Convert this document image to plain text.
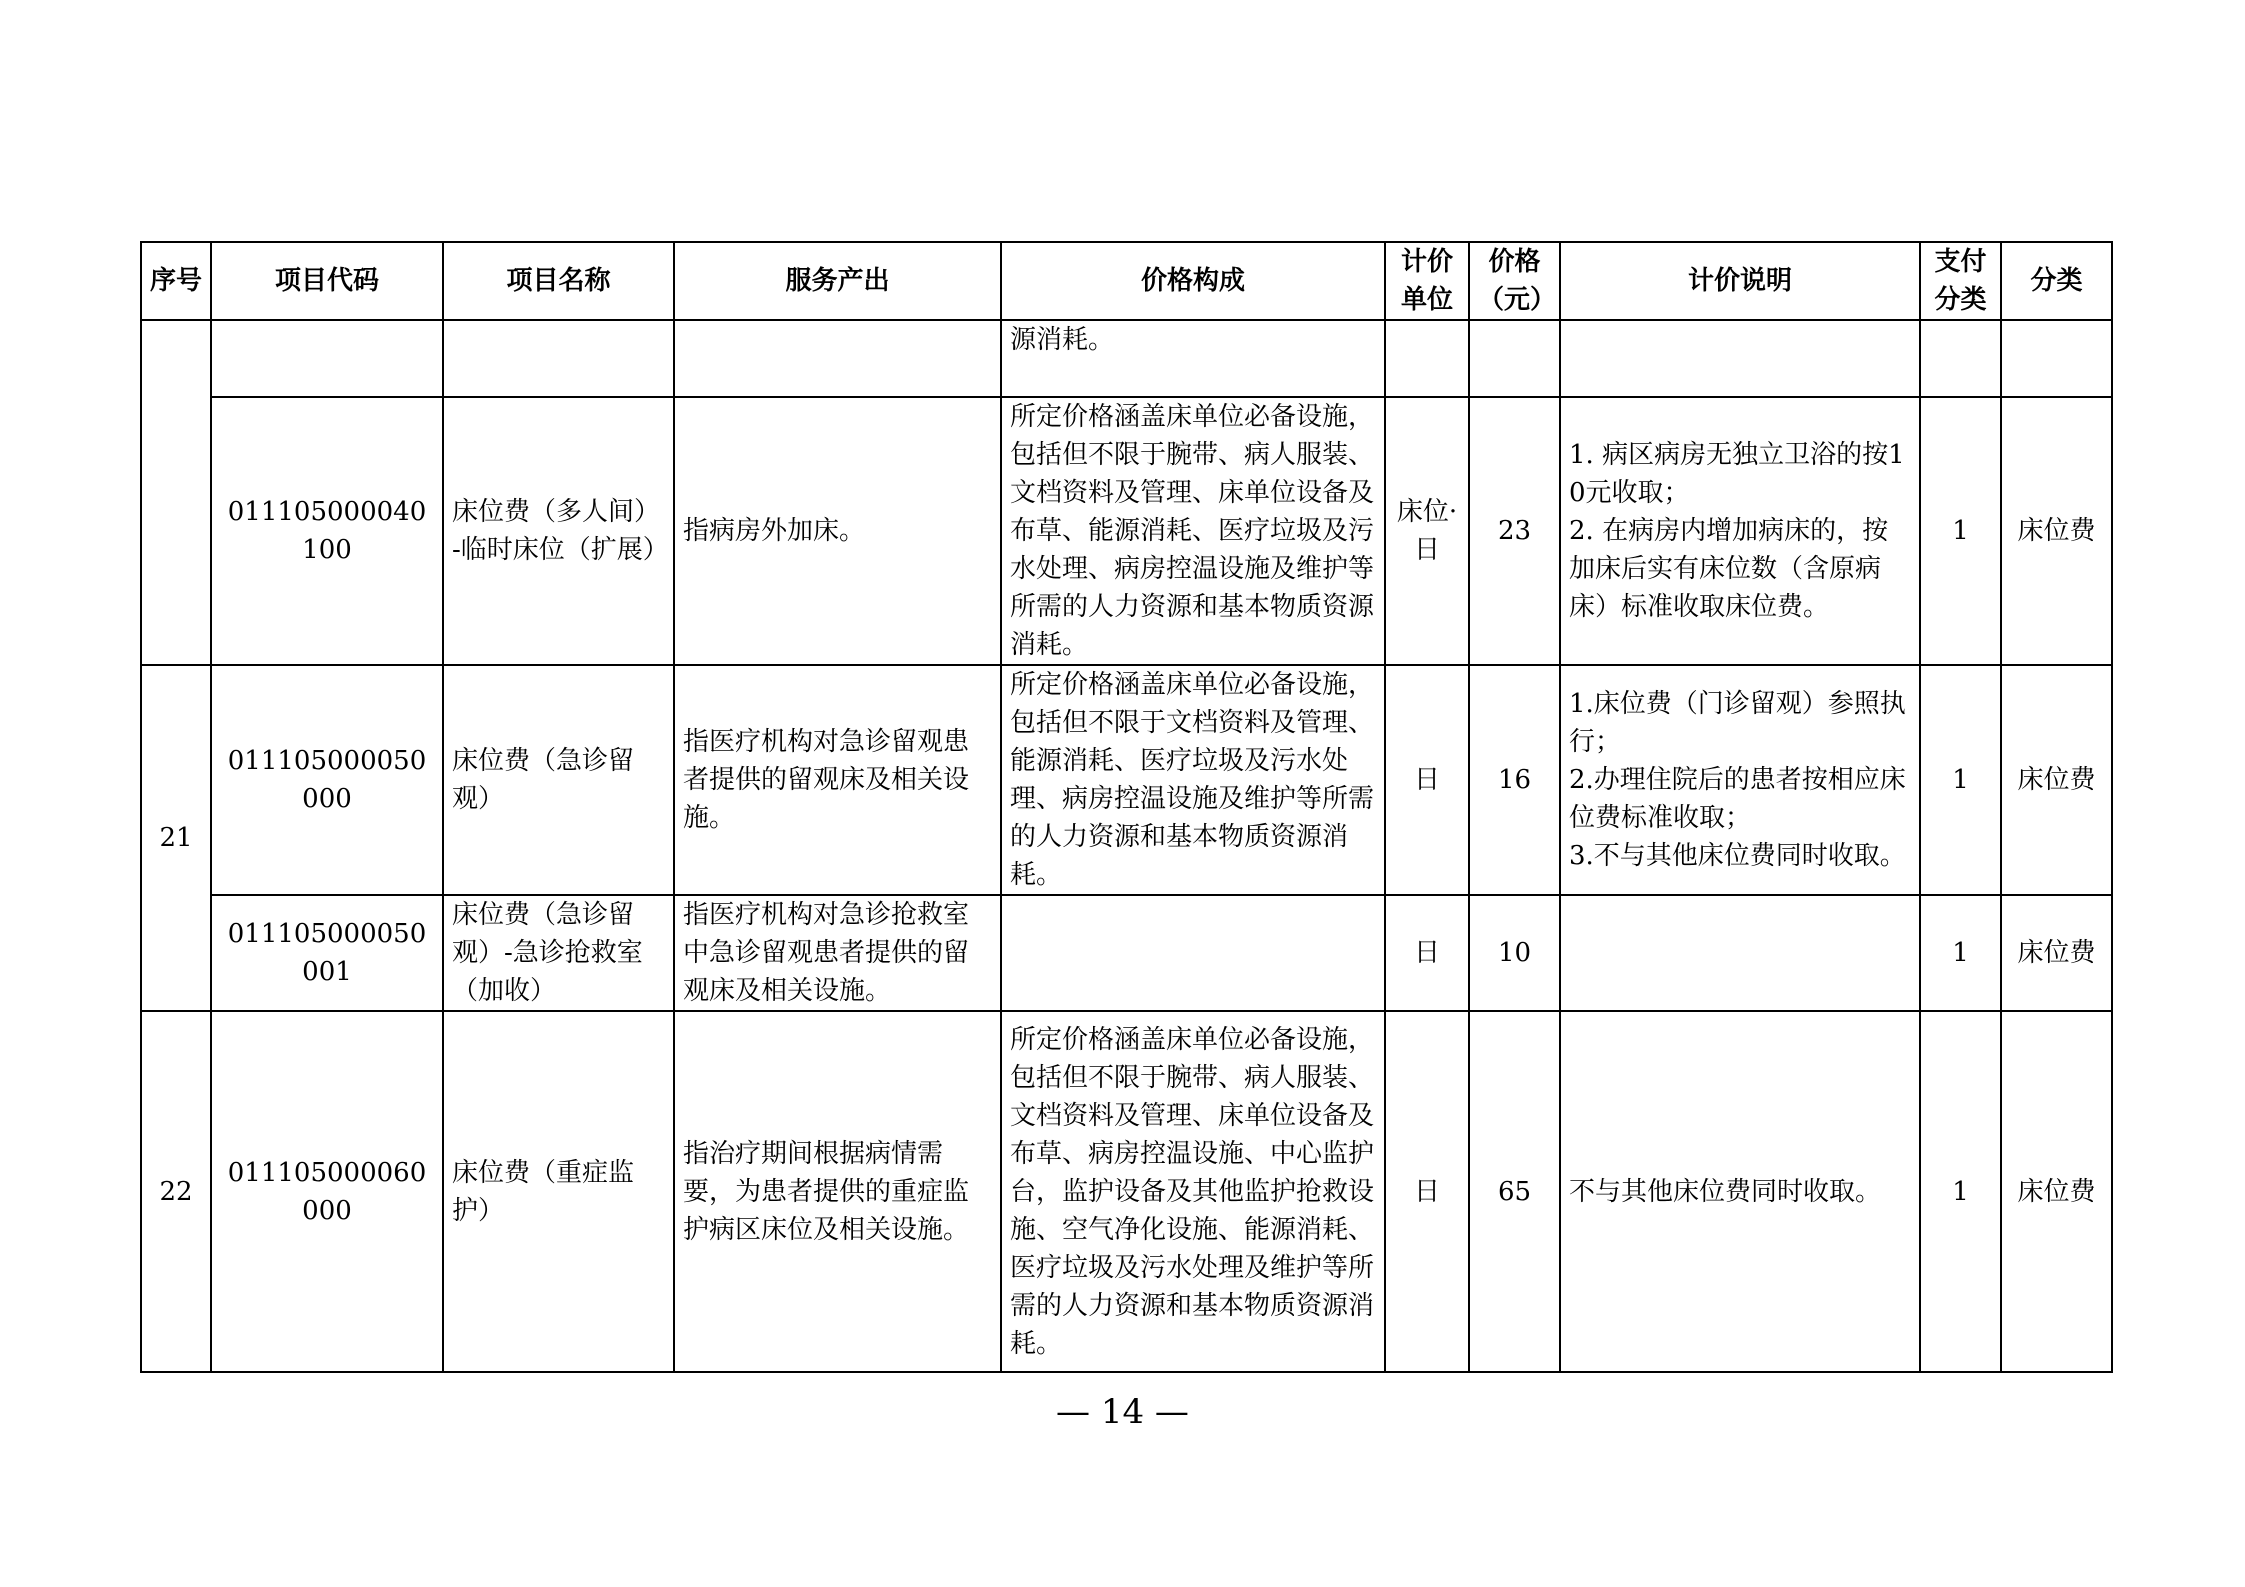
序号	项目代码	项目名称	服务产出	价格构成	计价单位	价格（元）	计价说明	支付分类	分类
				源消耗。					
	011105000040100	床位费（多人间）-临时床位（扩展）	指病房外加床。	所定价格涵盖床单位必备设施，包括但不限于腕带、病人服装、文档资料及管理、床单位设备及布草、能源消耗、医疗垃圾及污水处理、病房控温设施及维护等所需的人力资源和基本物质资源消耗。	床位·日	23	1. 病区病房无独立卫浴的按10元收取；
2. 在病房内增加病床的，按加床后实有床位数（含原病床）标准收取床位费。	1	床位费
21	011105000050000	床位费（急诊留观）	指医疗机构对急诊留观患者提供的留观床及相关设施。	所定价格涵盖床单位必备设施，包括但不限于文档资料及管理、能源消耗、医疗垃圾及污水处理、病房控温设施及维护等所需的人力资源和基本物质资源消耗。	日	16	1.床位费（门诊留观）参照执行；
2.办理住院后的患者按相应床位费标准收取；
3.不与其他床位费同时收取。	1	床位费
	011105000050001	床位费（急诊留观）-急诊抢救室（加收）	指医疗机构对急诊抢救室中急诊留观患者提供的留观床及相关设施。		日	10		1	床位费
22	011105000060000	床位费（重症监护）	指治疗期间根据病情需要，为患者提供的重症监护病区床位及相关设施。	所定价格涵盖床单位必备设施，包括但不限于腕带、病人服装、文档资料及管理、床单位设备及布草、病房控温设施、中心监护台，监护设备及其他监护抢救设施、空气净化设施、能源消耗、医疗垃圾及污水处理及维护等所需的人力资源和基本物质资源消耗。	日	65	不与其他床位费同时收取。	1	床位费
— 14 —
